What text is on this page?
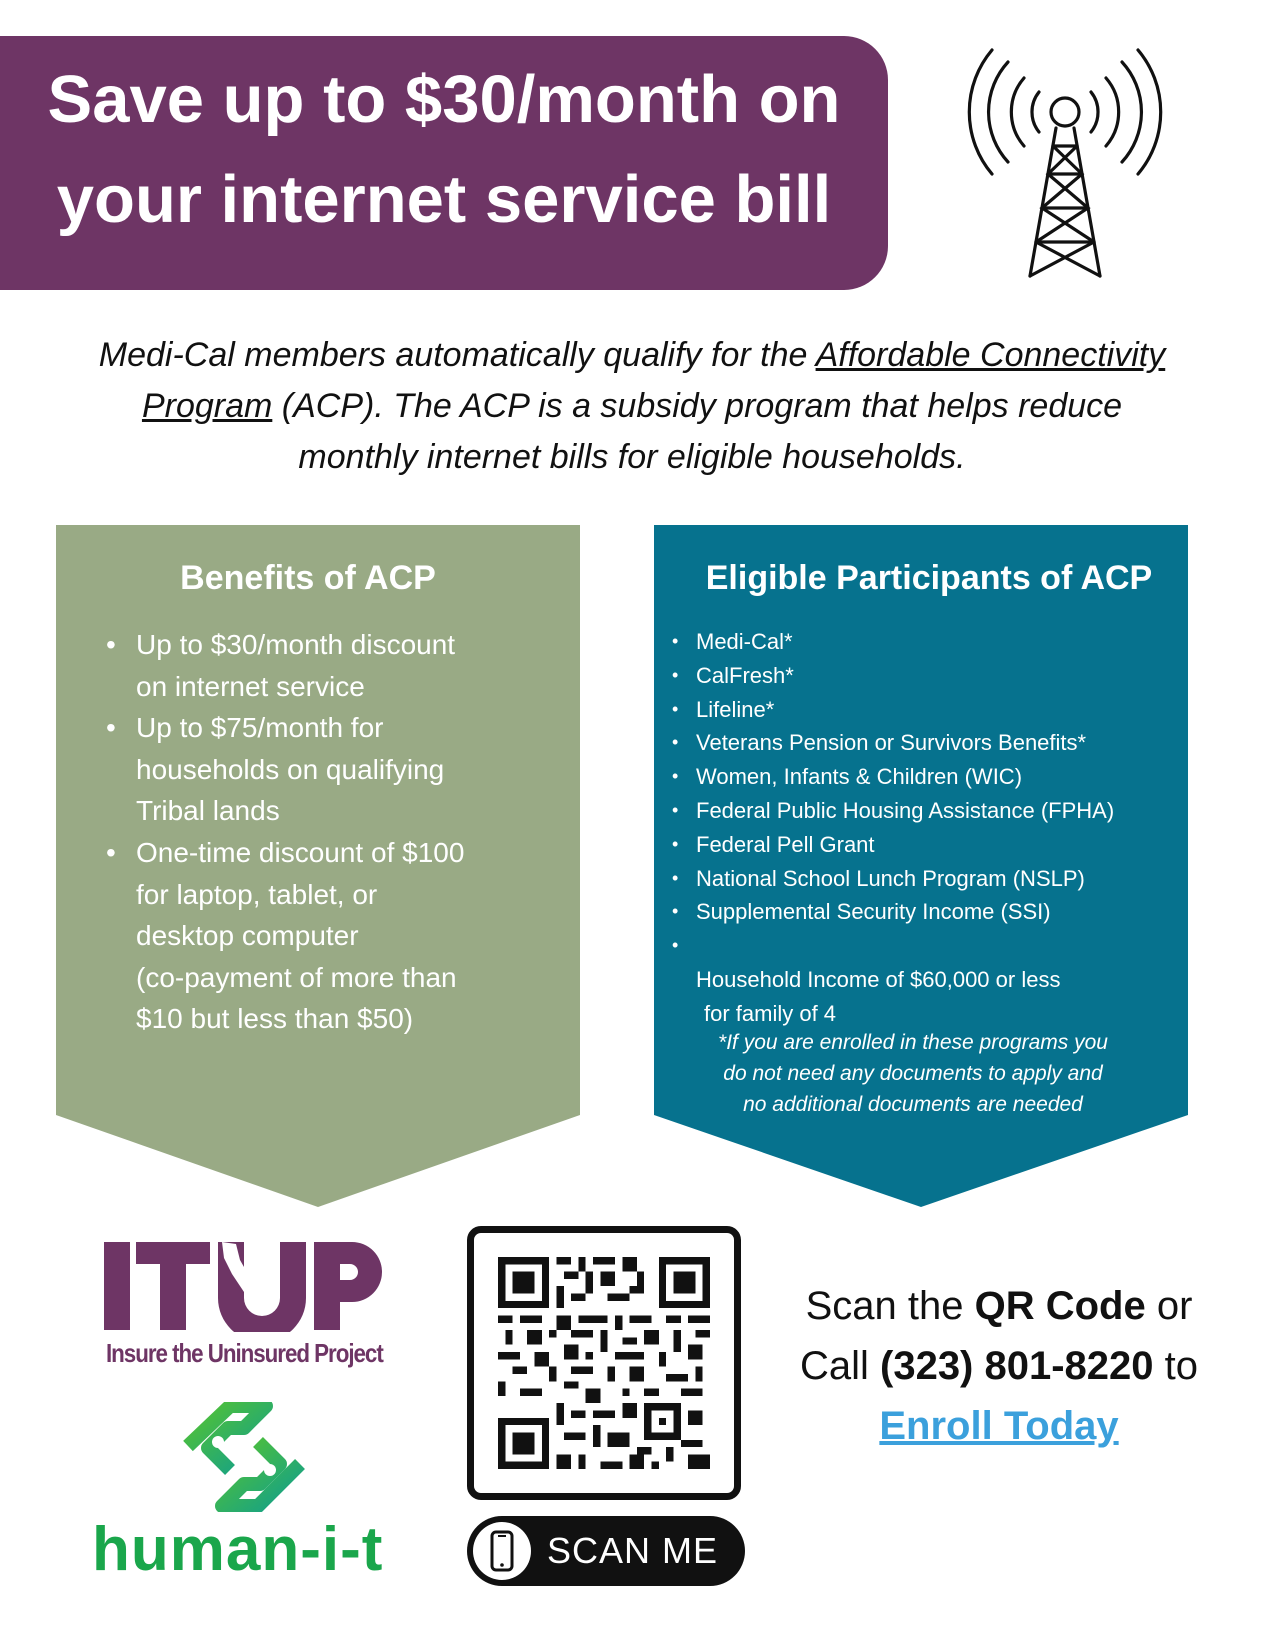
Save up to $30/month on
your internet service bill

Medi-Cal members automatically qualify for the Affordable Connectivity
Program (ACP). The ACP is a subsidy program that helps reduce
monthly internet bills for eligible households.

Benefits of ACP
• Up to $30/month discount
on internet service
• Up to $75/month for
households on qualifying
Tribal lands
• One-time discount of $100
for laptop, tablet, or
desktop computer
(co-payment of more than
$10 but less than $50)
Eligible Participants of ACP
• Medi-Cal*
• CalFresh*
• Lifeline*
• Veterans Pension or Survivors Benefits*
• Women, Infants & Children (WIC)
• Federal Public Housing Assistance (FPHA)
• Federal Pell Grant
• National School Lunch Program (NSLP)
• Supplemental Security Income (SSI)

• Household Income of $60,000 or less

for family of 4

*If you are enrolled in these programs you
do not need any documents to apply and
no additional documents are needed

Insure the Uninsured Project
human-i-t	SCAN ME

Scan the QR Code or
Call (323) 801-8220 to
Enroll Today
